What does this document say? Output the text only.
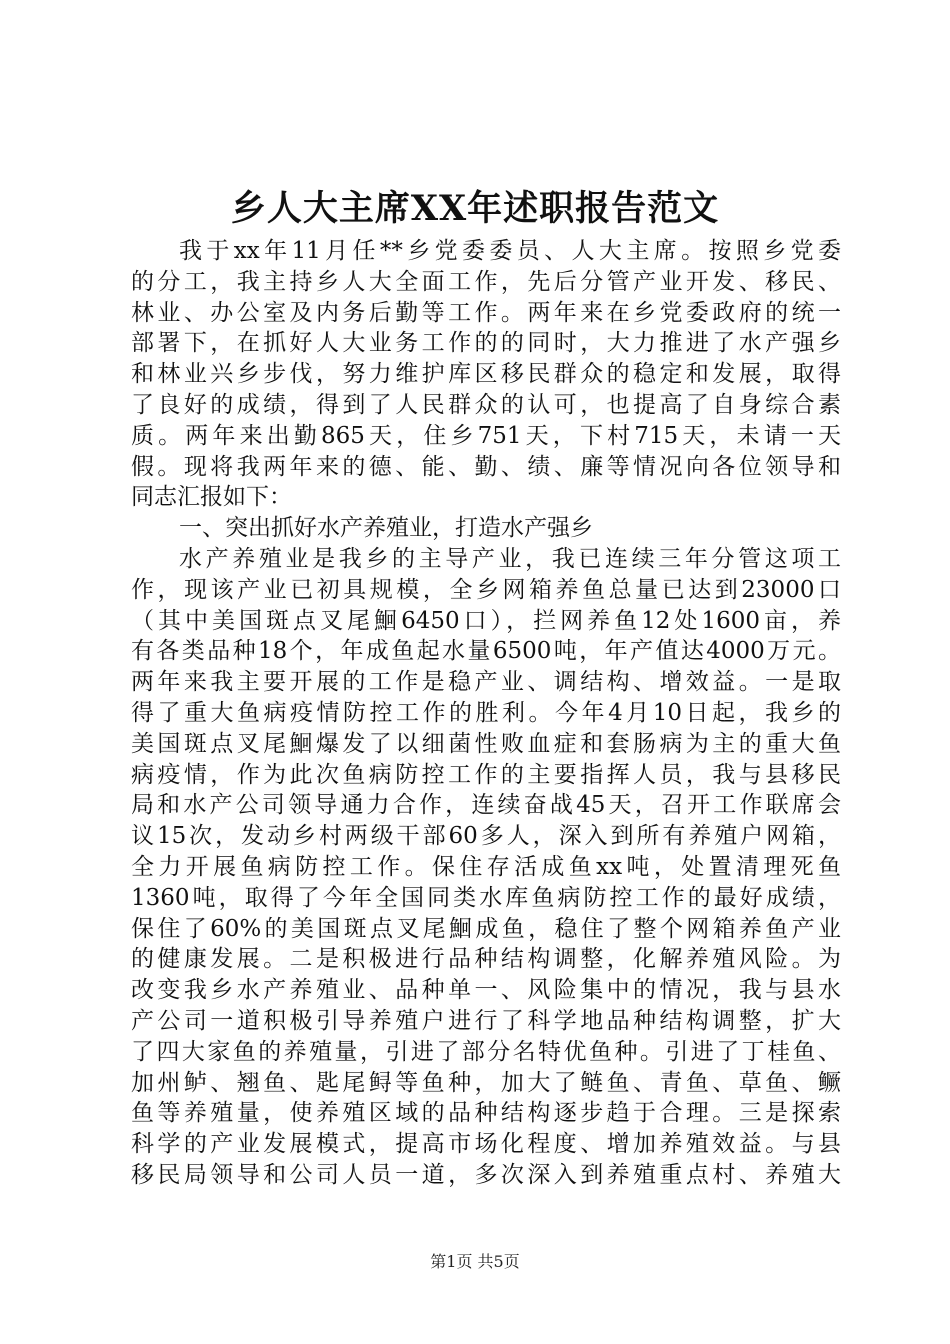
乡人大主席XX年述职报告范文
我于xx年11月任**乡党委委员、人大主席。按照乡党委
的分工，我主持乡人大全面工作，先后分管产业开发、移民、
林业、办公室及内务后勤等工作。两年来在乡党委政府的统一
部署下，在抓好人大业务工作的的同时，大力推进了水产强乡
和林业兴乡步伐，努力维护库区移民群众的稳定和发展，取得
了良好的成绩，得到了人民群众的认可，也提高了自身综合素
质。两年来出勤865天，住乡751天，下村715天，未请一天
假。现将我两年来的德、能、勤、绩、廉等情况向各位领导和
同志汇报如下：
一、突出抓好水产养殖业，打造水产强乡
水产养殖业是我乡的主导产业，我已连续三年分管这项工
作，现该产业已初具规模，全乡网箱养鱼总量已达到23000口
（其中美国斑点叉尾鮰6450口），拦网养鱼12处1600亩，养
有各类品种18个，年成鱼起水量6500吨，年产值达4000万元。
两年来我主要开展的工作是稳产业、调结构、增效益。一是取
得了重大鱼病疫情防控工作的胜利。今年4月10日起，我乡的
美国斑点叉尾鮰爆发了以细菌性败血症和套肠病为主的重大鱼
病疫情，作为此次鱼病防控工作的主要指挥人员，我与县移民
局和水产公司领导通力合作，连续奋战45天，召开工作联席会
议15次，发动乡村两级干部60多人，深入到所有养殖户网箱，
全力开展鱼病防控工作。保住存活成鱼xx吨，处置清理死鱼
1360吨，取得了今年全国同类水库鱼病防控工作的最好成绩，
保住了60%的美国斑点叉尾鮰成鱼，稳住了整个网箱养鱼产业
的健康发展。二是积极进行品种结构调整，化解养殖风险。为
改变我乡水产养殖业、品种单一、风险集中的情况，我与县水
产公司一道积极引导养殖户进行了科学地品种结构调整，扩大
了四大家鱼的养殖量，引进了部分名特优鱼种。引进了丁桂鱼、
加州鲈、翘鱼、匙尾鲟等鱼种，加大了鲢鱼、青鱼、草鱼、鳜
鱼等养殖量，使养殖区域的品种结构逐步趋于合理。三是探索
科学的产业发展模式，提高市场化程度、增加养殖效益。与县
移民局领导和公司人员一道，多次深入到养殖重点村、养殖大
第1页 共5页
